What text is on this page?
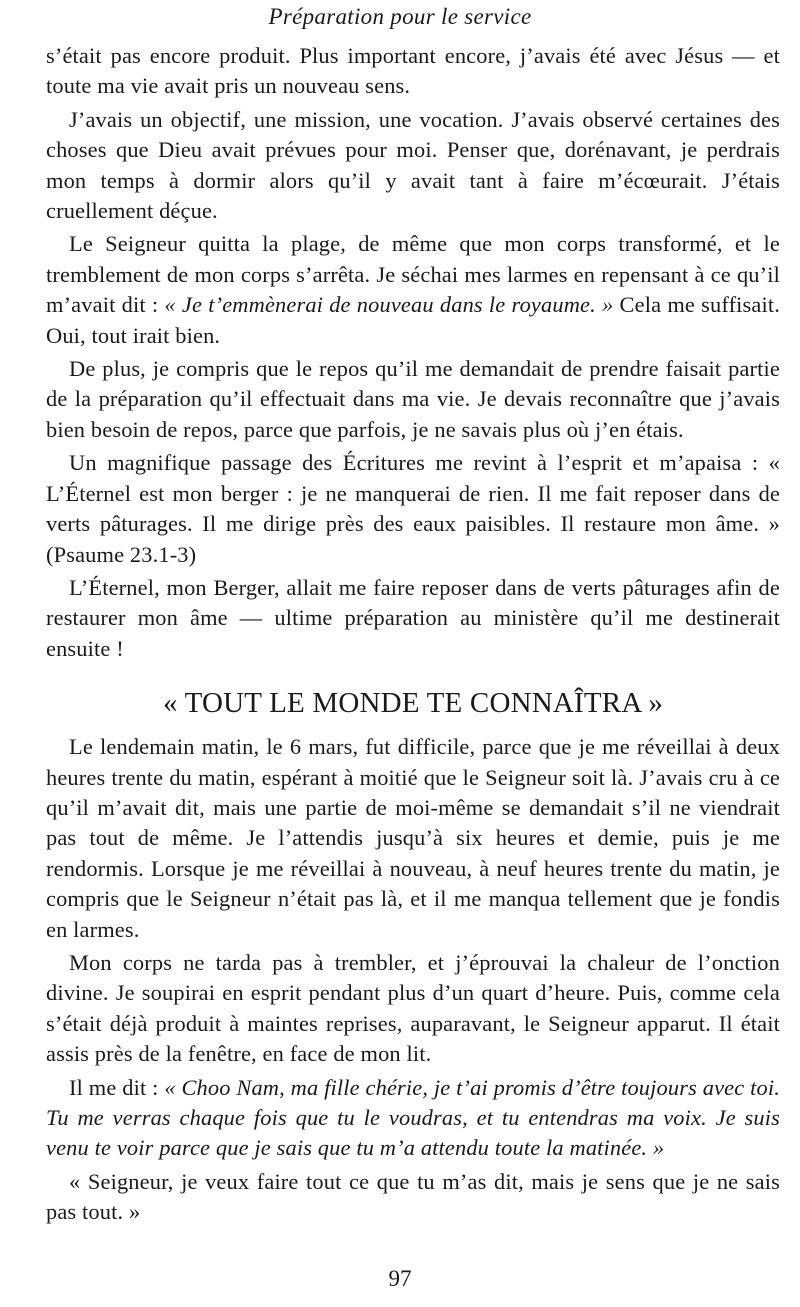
Préparation pour le service

s’était pas encore produit. Plus important encore, j’avais été avec Jésus — et toute ma vie avait pris un nouveau sens.

J’avais un objectif, une mission, une vocation. J’avais observé certaines des choses que Dieu avait prévues pour moi. Penser que, dorénavant, je perdrais mon temps à dormir alors qu’il y avait tant à faire m’écœurait. J’étais cruellement déçue.

Le Seigneur quitta la plage, de même que mon corps transformé, et le tremblement de mon corps s’arrêta. Je séchai mes larmes en repensant à ce qu’il m’avait dit : « Je t’emmènerai de nouveau dans le royaume. » Cela me suffisait. Oui, tout irait bien.

De plus, je compris que le repos qu’il me demandait de prendre faisait partie de la préparation qu’il effectuait dans ma vie. Je devais reconnaître que j’avais bien besoin de repos, parce que parfois, je ne savais plus où j’en étais.

Un magnifique passage des Écritures me revint à l’esprit et m’apaisa : « L’Éternel est mon berger : je ne manquerai de rien. Il me fait reposer dans de verts pâturages. Il me dirige près des eaux paisibles. Il restaure mon âme. » (Psaume 23.1-3)

L’Éternel, mon Berger, allait me faire reposer dans de verts pâturages afin de restaurer mon âme — ultime préparation au ministère qu’il me destinerait ensuite !

« TOUT LE MONDE TE CONNAÎTRA »

Le lendemain matin, le 6 mars, fut difficile, parce que je me réveillai à deux heures trente du matin, espérant à moitié que le Seigneur soit là. J’avais cru à ce qu’il m’avait dit, mais une partie de moi-même se demandait s’il ne viendrait pas tout de même. Je l’attendis jusqu’à six heures et demie, puis je me rendormis. Lorsque je me réveillai à nouveau, à neuf heures trente du matin, je compris que le Seigneur n’était pas là, et il me manqua tellement que je fondis en larmes.

Mon corps ne tarda pas à trembler, et j’éprouvai la chaleur de l’onction divine. Je soupirai en esprit pendant plus d’un quart d’heure. Puis, comme cela s’était déjà produit à maintes reprises, auparavant, le Seigneur apparut. Il était assis près de la fenêtre, en face de mon lit.

Il me dit : « Choo Nam, ma fille chérie, je t’ai promis d’être toujours avec toi. Tu me verras chaque fois que tu le voudras, et tu entendras ma voix. Je suis venu te voir parce que je sais que tu m’a attendu toute la matinée. »

« Seigneur, je veux faire tout ce que tu m’as dit, mais je sens que je ne sais pas tout. »

97
